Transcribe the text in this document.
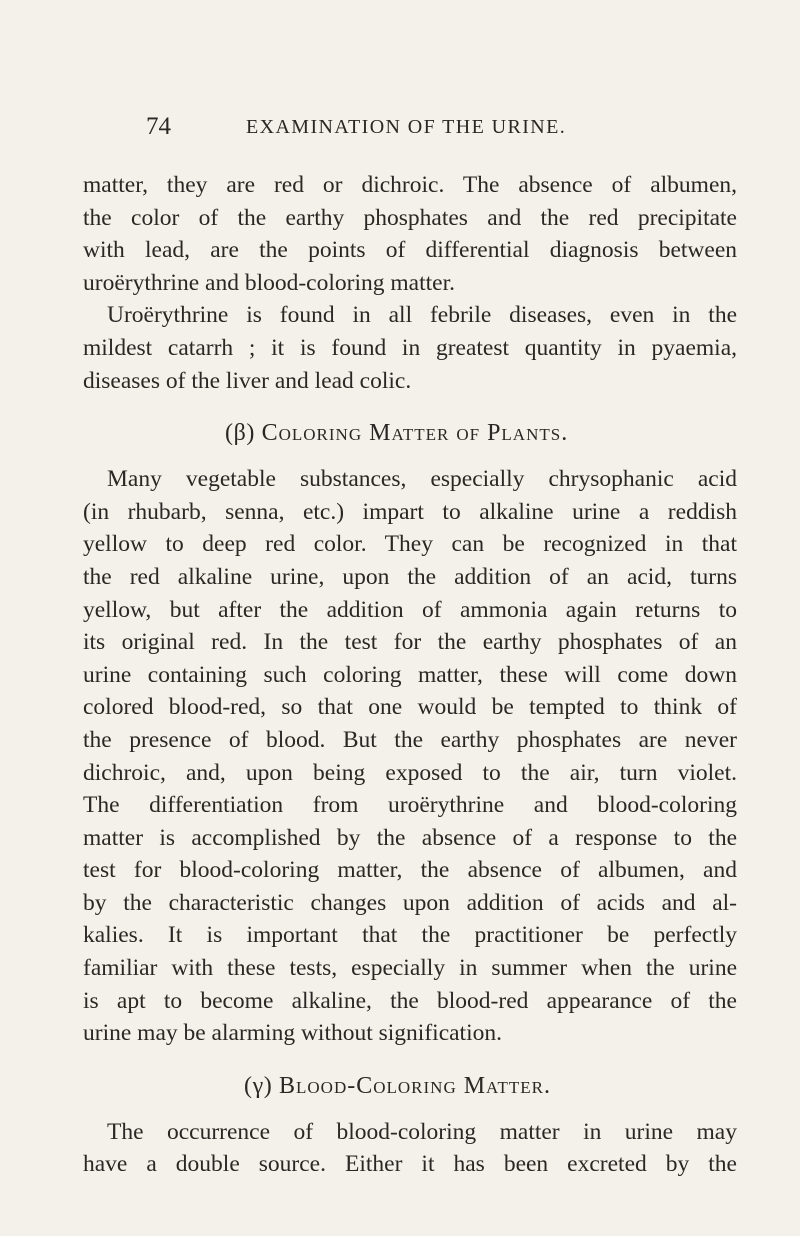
74	EXAMINATION OF THE URINE.
matter, they are red or dichroic. The absence of albumen,
the color of the earthy phosphates and the red precipitate
with lead, are the points of differential diagnosis between
uroërythrine and blood-coloring matter.
Uroërythrine is found in all febrile diseases, even in the
mildest catarrh ; it is found in greatest quantity in pyaemia,
diseases of the liver and lead colic.
(β) Coloring Matter of Plants.
Many vegetable substances, especially chrysophanic acid
(in rhubarb, senna, etc.) impart to alkaline urine a reddish
yellow to deep red color. They can be recognized in that
the red alkaline urine, upon the addition of an acid, turns
yellow, but after the addition of ammonia again returns to
its original red. In the test for the earthy phosphates of an
urine containing such coloring matter, these will come down
colored blood-red, so that one would be tempted to think of
the presence of blood. But the earthy phosphates are never
dichroic, and, upon being exposed to the air, turn violet.
The differentiation from uroërythrine and blood-coloring
matter is accomplished by the absence of a response to the
test for blood-coloring matter, the absence of albumen, and
by the characteristic changes upon addition of acids and al-
kalies. It is important that the practitioner be perfectly
familiar with these tests, especially in summer when the urine
is apt to become alkaline, the blood-red appearance of the
urine may be alarming without signification.
(γ) Blood-Coloring Matter.
The occurrence of blood-coloring matter in urine may
have a double source. Either it has been excreted by the
